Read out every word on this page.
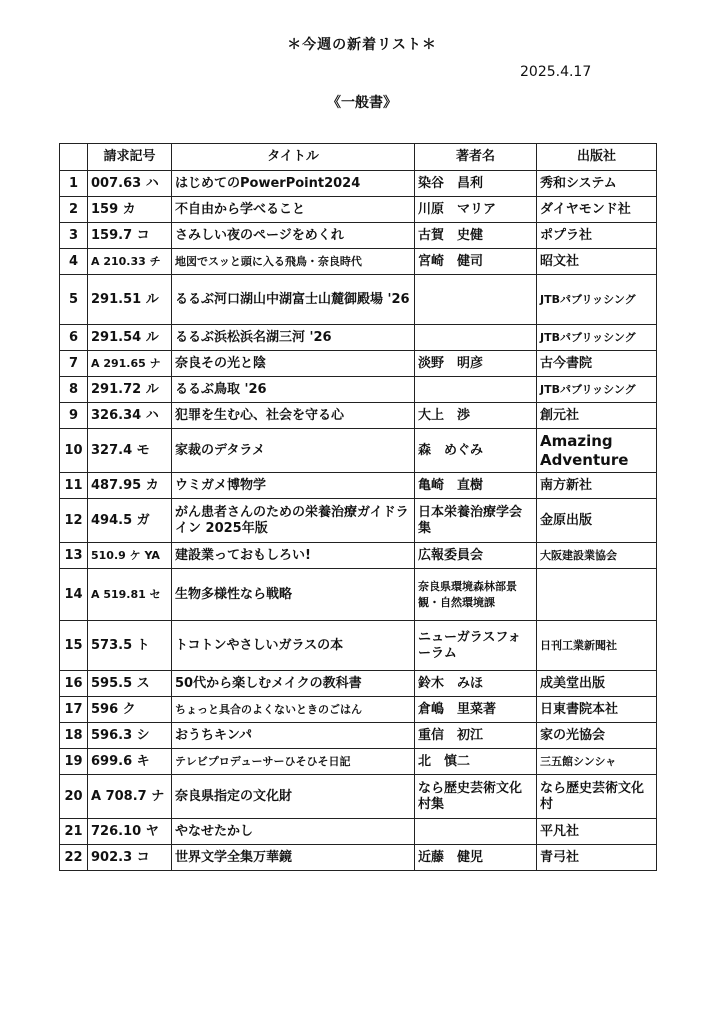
＊今週の新着リスト＊
2025.4.17
《一般書》
	請求記号	タイトル	著者名	出版社
1	007.63 ハ	はじめてのPowerPoint2024	染谷　昌利	秀和システム
2	159 カ	不自由から学べること	川原　マリア	ダイヤモンド社
3	159.7 コ	さみしい夜のページをめくれ	古賀　史健	ポプラ社
4	A 210.33 チ	地図でスッと頭に入る飛鳥・奈良時代	宮崎　健司	昭文社
5	291.51 ル	るるぶ河口湖山中湖富士山麓御殿場 '26		JTBパブリッシング
6	291.54 ル	るるぶ浜松浜名湖三河 '26		JTBパブリッシング
7	A 291.65 ナ	奈良その光と陰	淡野　明彦	古今書院
8	291.72 ル	るるぶ鳥取 '26		JTBパブリッシング
9	326.34 ハ	犯罪を生む心、社会を守る心	大上　渉	創元社
10	327.4 モ	家裁のデタラメ	森　めぐみ	Amazing Adventure
11	487.95 カ	ウミガメ博物学	亀崎　直樹	南方新社
12	494.5 ガ	がん患者さんのための栄養治療ガイドライン 2025年版	日本栄養治療学会集	金原出版
13	510.9 ケ YA	建設業っておもしろい!	広報委員会	大阪建設業協会
14	A 519.81 セ	生物多様性なら戦略	奈良県環境森林部景観・自然環境課	
15	573.5 ト	トコトンやさしいガラスの本	ニューガラスフォーラム	日刊工業新聞社
16	595.5 ス	50代から楽しむメイクの教科書	鈴木　みほ	成美堂出版
17	596 ク	ちょっと具合のよくないときのごはん	倉嶋　里菜著	日東書院本社
18	596.3 シ	おうちキンパ	重信　初江	家の光協会
19	699.6 キ	テレビプロデューサーひそひそ日記	北　慎二	三五館シンシャ
20	A 708.7 ナ	奈良県指定の文化財	なら歴史芸術文化村集	なら歴史芸術文化村
21	726.10 ヤ	やなせたかし		平凡社
22	902.3 コ	世界文学全集万華鏡	近藤　健児	青弓社
